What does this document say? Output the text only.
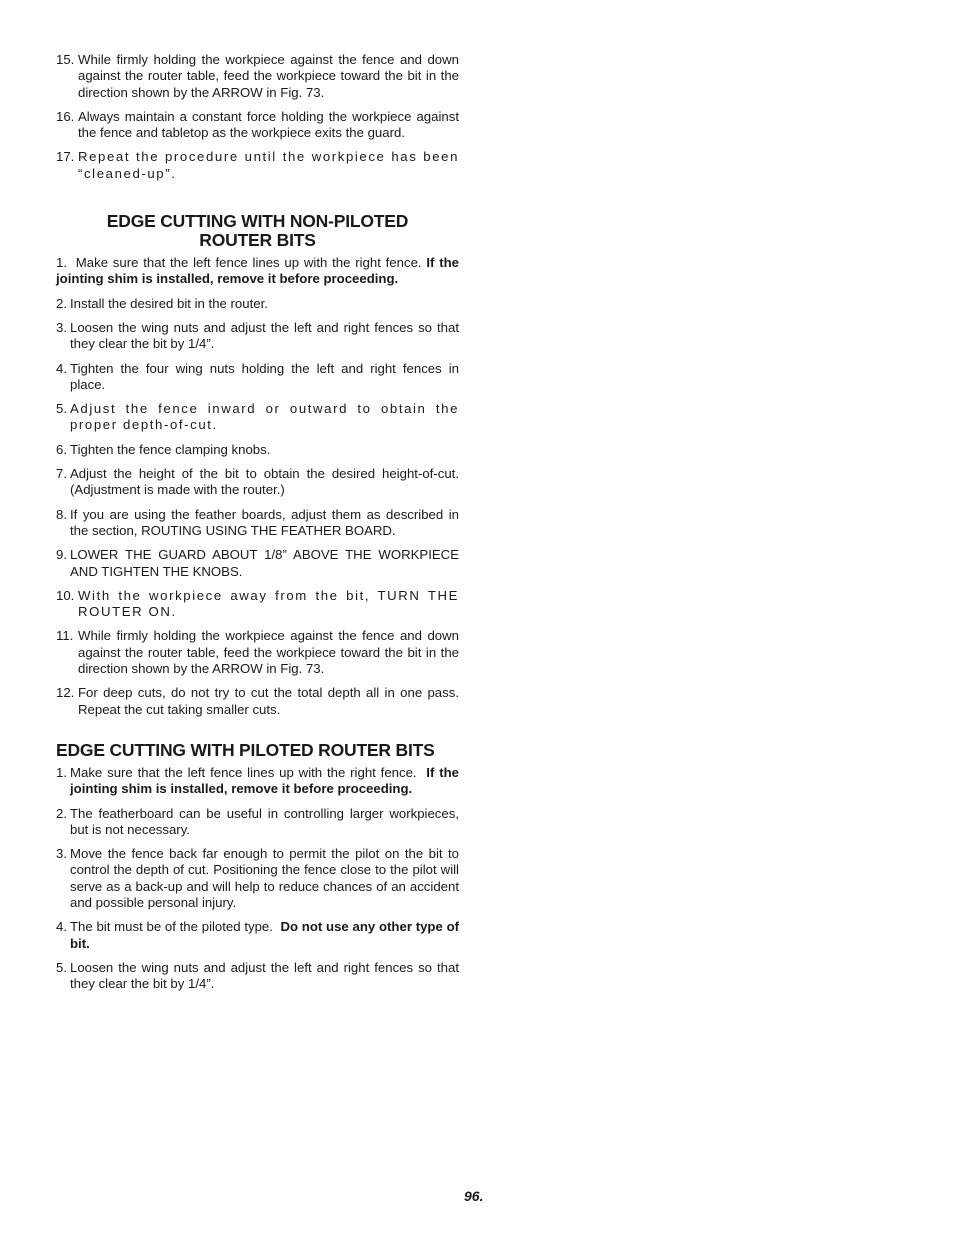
15. While firmly holding the workpiece against the fence and down against the router table, feed the workpiece toward the bit in the direction shown by the ARROW in Fig. 73.
16. Always maintain a constant force holding the workpiece against the fence and tabletop as the workpiece exits the guard.
17. Repeat the procedure until the workpiece has been “cleaned-up”.
EDGE CUTTING WITH NON-PILOTED
ROUTER BITS
1. Make sure that the left fence lines up with the right fence. If the jointing shim is installed, remove it before proceeding.
2. Install the desired bit in the router.
3. Loosen the wing nuts and adjust the left and right fences so that they clear the bit by 1/4”.
4. Tighten the four wing nuts holding the left and right fences in place.
5. Adjust the fence inward or outward to obtain the proper depth-of-cut.
6. Tighten the fence clamping knobs.
7. Adjust the height of the bit to obtain the desired height-of-cut. (Adjustment is made with the router.)
8. If you are using the feather boards, adjust them as described in the section, ROUTING USING THE FEATHER BOARD.
9. LOWER THE GUARD ABOUT 1/8” ABOVE THE WORKPIECE AND TIGHTEN THE KNOBS.
10. With the workpiece away from the bit, TURN THE ROUTER ON.
11. While firmly holding the workpiece against the fence and down against the router table, feed the workpiece toward the bit in the direction shown by the ARROW in Fig. 73.
12. For deep cuts, do not try to cut the total depth all in one pass. Repeat the cut taking smaller cuts.
EDGE CUTTING WITH PILOTED ROUTER BITS
1. Make sure that the left fence lines up with the right fence. If the jointing shim is installed, remove it before proceeding.
2. The featherboard can be useful in controlling larger workpieces, but is not necessary.
3. Move the fence back far enough to permit the pilot on the bit to control the depth of cut. Positioning the fence close to the pilot will serve as a back-up and will help to reduce chances of an accident and possible personal injury.
4. The bit must be of the piloted type. Do not use any other type of bit.
5. Loosen the wing nuts and adjust the left and right fences so that they clear the bit by 1/4”.
96.
